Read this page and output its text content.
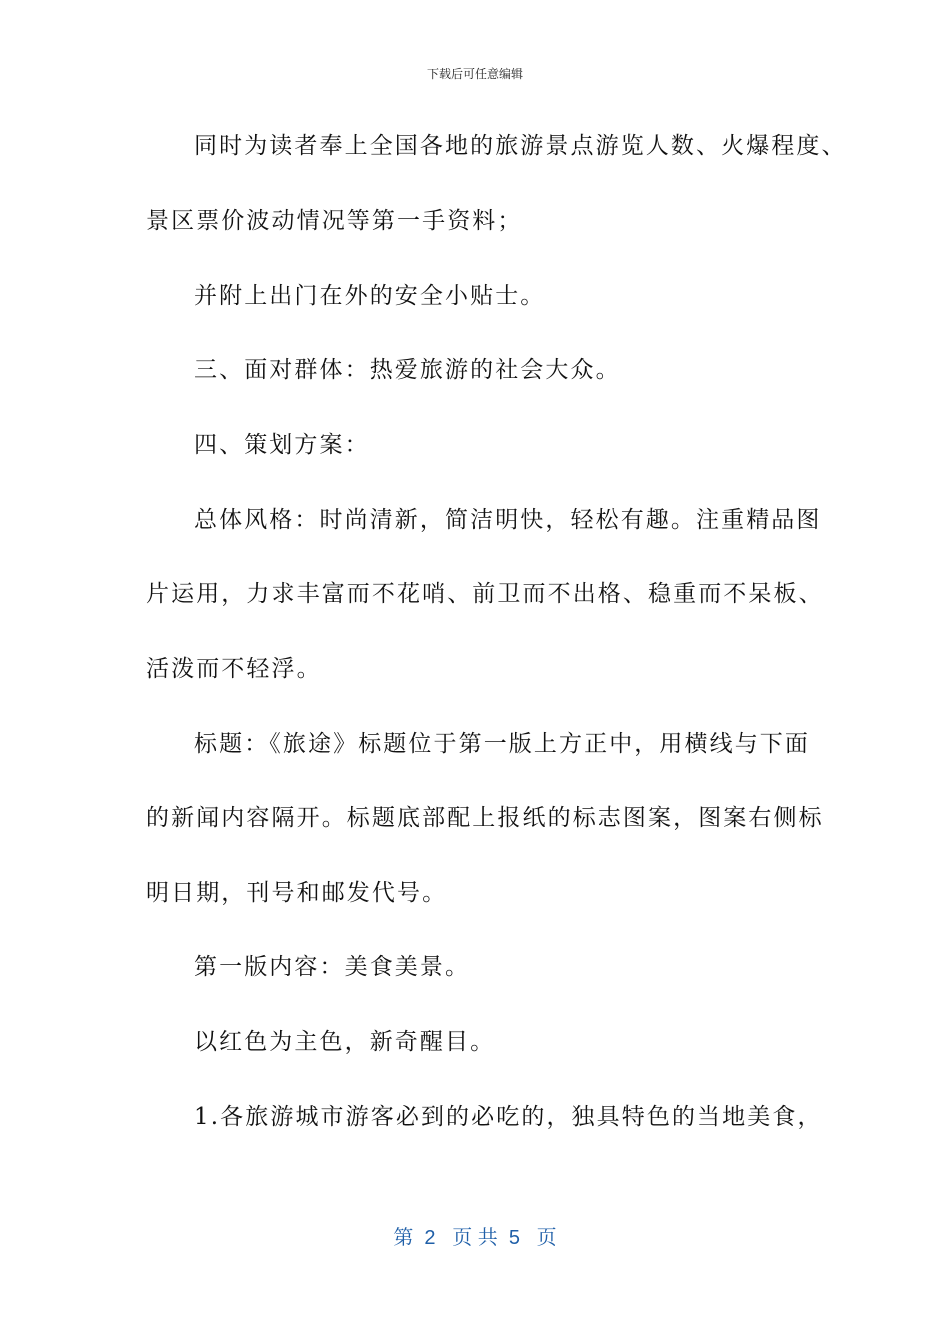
下载后可任意编辑
同时为读者奉上全国各地的旅游景点游览人数、火爆程度、
景区票价波动情况等第一手资料；
并附上出门在外的安全小贴士。
三、面对群体：热爱旅游的社会大众。
四、策划方案：
总体风格：时尚清新，简洁明快，轻松有趣。注重精品图
片运用，力求丰富而不花哨、前卫而不出格、稳重而不呆板、
活泼而不轻浮。
标题：《旅途》标题位于第一版上方正中，用横线与下面
的新闻内容隔开。标题底部配上报纸的标志图案，图案右侧标
明日期，刊号和邮发代号。
第一版内容：美食美景。
以红色为主色，新奇醒目。
1.各旅游城市游客必到的必吃的，独具特色的当地美食，
第  2   页 共  5   页
